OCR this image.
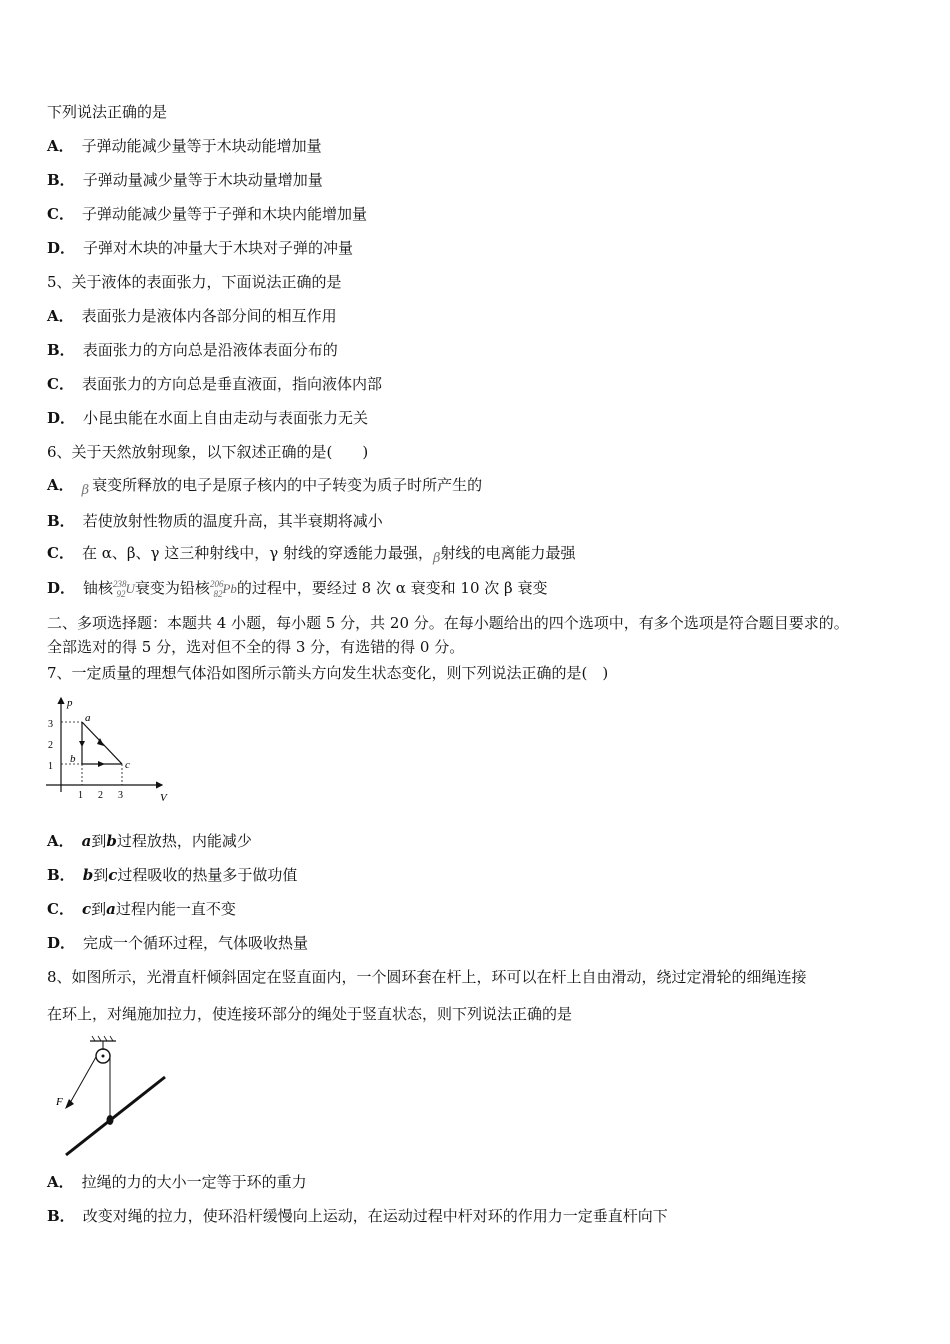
下列说法正确的是
A． 子弹动能减少量等于木块动能增加量
B． 子弹动量减少量等于木块动量增加量
C． 子弹动能减少量等于子弹和木块内能增加量
D． 子弹对木块的冲量大于木块对子弹的冲量
5、关于液体的表面张力，下面说法正确的是
A． 表面张力是液体内各部分间的相互作用
B． 表面张力的方向总是沿液体表面分布的
C． 表面张力的方向总是垂直液面，指向液体内部
D． 小昆虫能在水面上自由走动与表面张力无关
6、关于天然放射现象，以下叙述正确的是(　　)
A． β 衰变所释放的电子是原子核内的中子转变为质子时所产生的
B． 若使放射性物质的温度升高，其半衰期将减小
C． 在 α、β、γ 这三种射线中，γ 射线的穿透能力最强，β射线的电离能力最强
D． 铀核$^{238}_{92}$U衰变为铅核$^{206}_{82}$Pb的过程中，要经过 8 次 α 衰变和 10 次 β 衰变
二、多项选择题：本题共 4 小题，每小题 5 分，共 20 分。在每小题给出的四个选项中，有多个选项是符合题目要求的。
全部选对的得 5 分，选对但不全的得 3 分，有选错的得 0 分。
7、一定质量的理想气体沿如图所示箭头方向发生状态变化，则下列说法正确的是(　)
p
V
1
2
3
1 2 3
a
b	c
A． a到b过程放热，内能减少
B． b到c过程吸收的热量多于做功值
C． c到a过程内能一直不变
D． 完成一个循环过程，气体吸收热量
8、如图所示，光滑直杆倾斜固定在竖直面内，一个圆环套在杆上，环可以在杆上自由滑动，绕过定滑轮的细绳连接
在环上，对绳施加拉力，使连接环部分的绳处于竖直状态，则下列说法正确的是
F
A． 拉绳的力的大小一定等于环的重力
B． 改变对绳的拉力，使环沿杆缓慢向上运动，在运动过程中杆对环的作用力一定垂直杆向下
